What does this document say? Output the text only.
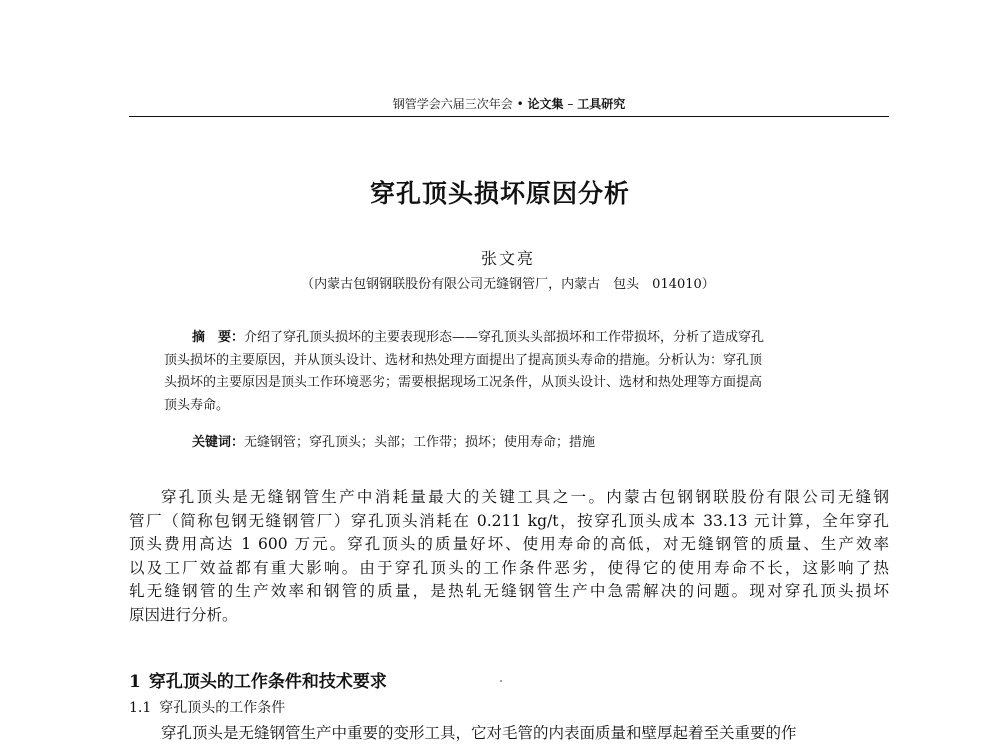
钢管学会六届三次年会 • 论文集 – 工具研究
穿孔顶头损坏原因分析
张文亮
（内蒙古包钢钢联股份有限公司无缝钢管厂，内蒙古　包头　014010）
摘　要：介绍了穿孔顶头损坏的主要表现形态——穿孔顶头头部损坏和工作带损坏，分析了造成穿孔
顶头损坏的主要原因，并从顶头设计、选材和热处理方面提出了提高顶头寿命的措施。分析认为：穿孔顶
头损坏的主要原因是顶头工作环境恶劣；需要根据现场工况条件，从顶头设计、选材和热处理等方面提高
顶头寿命。
关键词：无缝钢管；穿孔顶头；头部；工作带；损坏；使用寿命；措施
穿孔顶头是无缝钢管生产中消耗量最大的关键工具之一。内蒙古包钢钢联股份有限公司无缝钢
管厂（简称包钢无缝钢管厂）穿孔顶头消耗在 0.211 kg/t，按穿孔顶头成本 33.13 元计算，全年穿孔
顶头费用高达 1 600 万元。穿孔顶头的质量好坏、使用寿命的高低，对无缝钢管的质量、生产效率
以及工厂效益都有重大影响。由于穿孔顶头的工作条件恶劣，使得它的使用寿命不长，这影响了热
轧无缝钢管的生产效率和钢管的质量，是热轧无缝钢管生产中急需解决的问题。现对穿孔顶头损坏
原因进行分析。
1 穿孔顶头的工作条件和技术要求
1.1 穿孔顶头的工作条件
穿孔顶头是无缝钢管生产中重要的变形工具，它对毛管的内表面质量和壁厚起着至关重要的作
